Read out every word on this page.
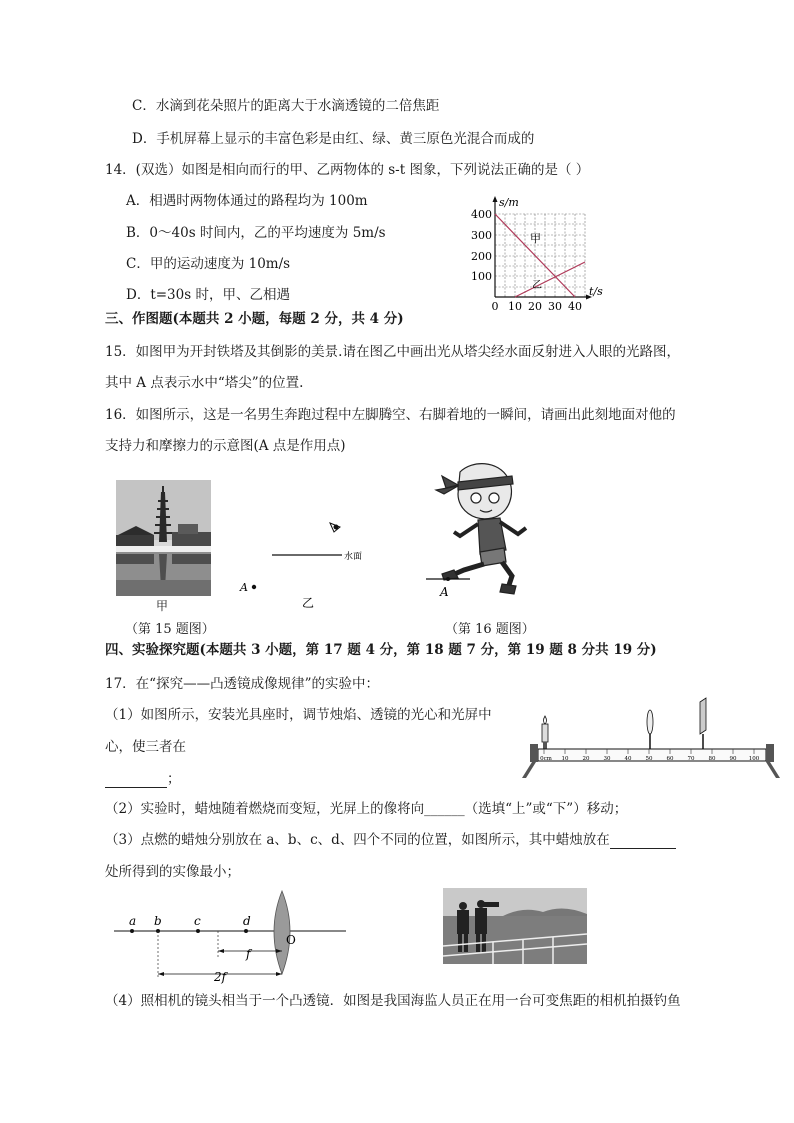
C．水滴到花朵照片的距离大于水滴透镜的二倍焦距
D．手机屏幕上显示的丰富色彩是由红、绿、黄三原色光混合而成的
14．(双选）如图是相向而行的甲、乙两物体的 s-t 图象，下列说法正确的是（ ）
A．相遇时两物体通过的路程均为 100m
B．0～40s 时间内，乙的平均速度为 5m/s
C．甲的运动速度为 10m/s
D．t=30s 时，甲、乙相遇
甲
乙
s/m
t/s
400
300
200
100
0 10 20 30 40
三、作图题(本题共 2 小题，每题 2 分，共 4 分)
15．如图甲为开封铁塔及其倒影的美景.请在图乙中画出光从塔尖经水面反射进入人眼的光路图，
其中 A 点表示水中“塔尖”的位置.
16．如图所示，这是一名男生奔跑过程中左脚腾空、右脚着地的一瞬间，请画出此刻地面对他的
支持力和摩擦力的示意图(A 点是作用点)
甲
水面
A
乙
（第 15 题图）
A
（第 16 题图）
四、实验探究题(本题共 3 小题，第 17 题 4 分，第 18 题 7 分，第 19 题 8 分共 19 分)
17．在“探究——凸透镜成像规律”的实验中：
（1）如图所示，安装光具座时，调节烛焰、透镜的光心和光屏中
心，使三者在
；
0cm 10	20	30	40	50	60	70	80	90 100
（2）实验时，蜡烛随着燃烧而变短，光屏上的像将向______（选填“上”或“下”）移动；
（3）点燃的蜡烛分别放在 a、b、c、d、四个不同的位置，如图所示，其中蜡烛放在
处所得到的实像最小；
a b	c	d
O
f
2f
（4）照相机的镜头相当于一个凸透镜．如图是我国海监人员正在用一台可变焦距的相机拍摄钓鱼
